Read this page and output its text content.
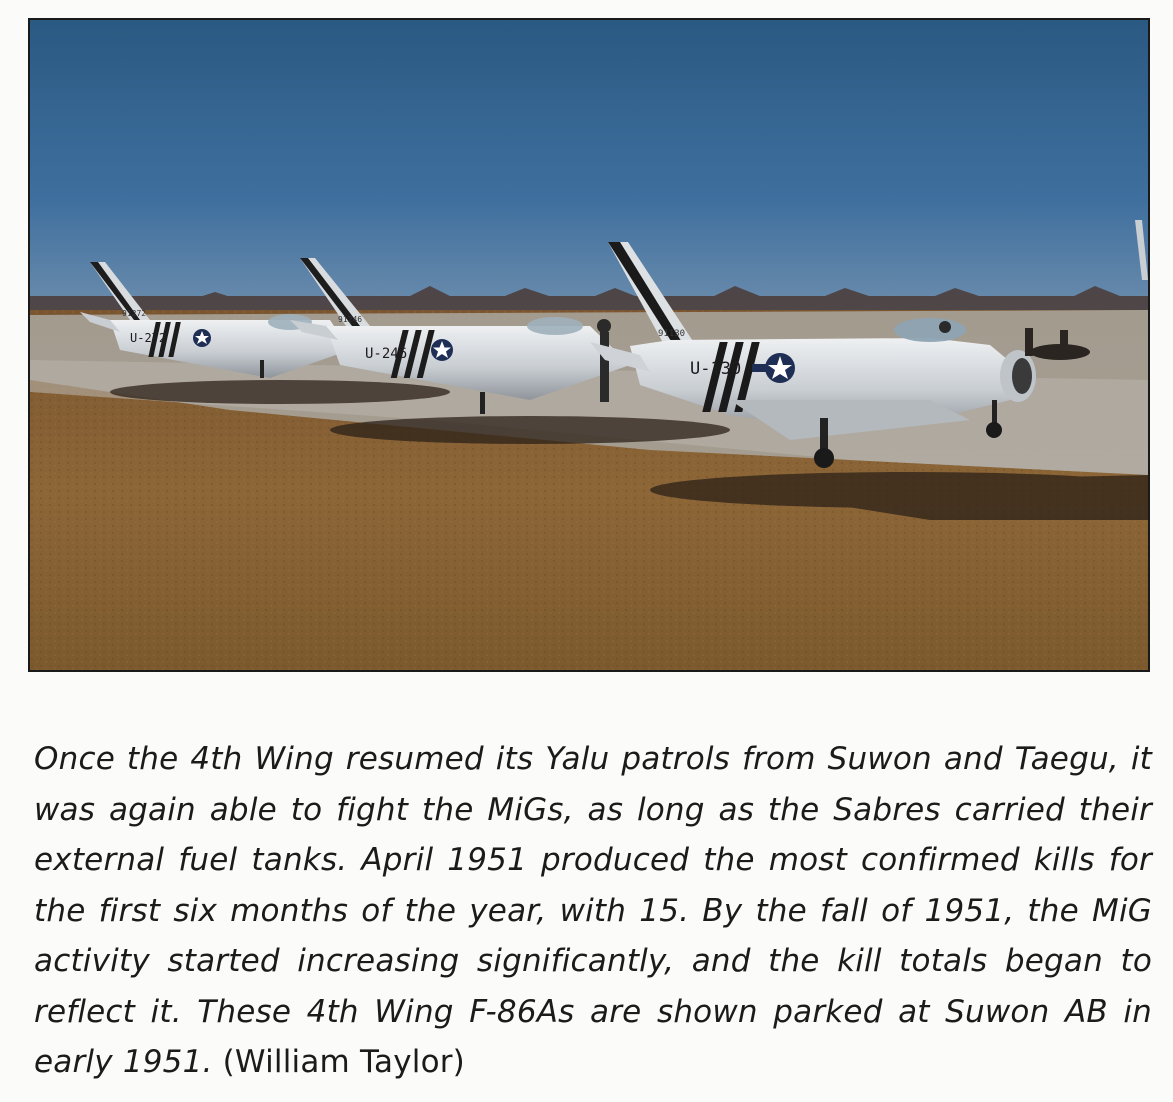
U-272
91272
U-246
91246
U-130
91130

Once the 4th Wing resumed its Yalu patrols from Suwon and Taegu, it was again able to fight the MiGs, as long as the Sabres carried their external fuel tanks. April 1951 produced the most confirmed kills for the first six months of the year, with 15. By the fall of 1951, the MiG activity started increasing significantly, and the kill totals began to reflect it. These 4th Wing F-86As are shown parked at Suwon AB in early 1951. (William Taylor)
